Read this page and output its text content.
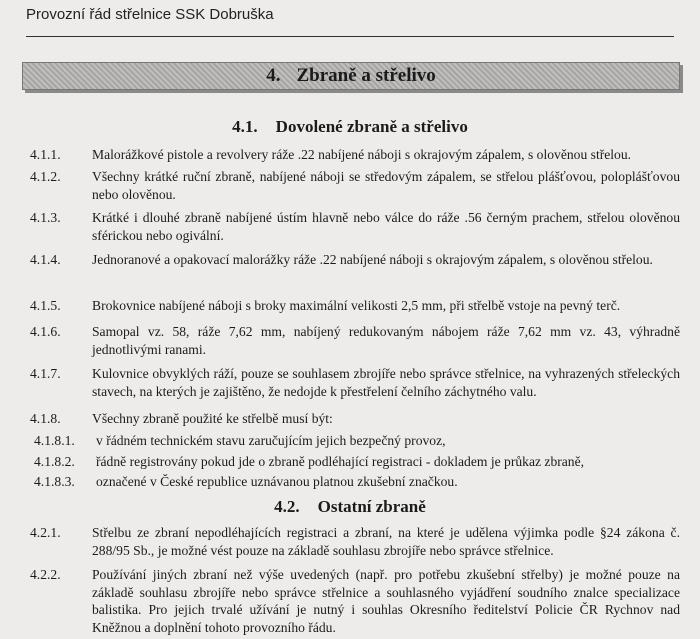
Provozní řád střelnice SSK Dobruška
4. Zbraně a střelivo
4.1. Dovolené zbraně a střelivo
4.1.1. Malorážkové pistole a revolvery ráže .22 nabíjené náboji s okrajovým zápalem, s olověnou střelou.
4.1.2. Všechny krátké ruční zbraně, nabíjené náboji se středovým zápalem, se střelou plášťovou, poloplášťovou nebo olověnou.
4.1.3. Krátké i dlouhé zbraně nabíjené ústím hlavně nebo válce do ráže .56 černým prachem, střelou olověnou sférickou nebo ogivální.
4.1.4. Jednoranové a opakovací malorážky ráže .22 nabíjené náboji s okrajovým zápalem, s olověnou střelou.
4.1.5. Brokovnice nabíjené náboji s broky maximální velikosti 2,5 mm, při střelbě vstoje na pevný terč.
4.1.6. Samopal vz. 58, ráže 7,62 mm, nabíjený redukovaným nábojem ráže 7,62 mm vz. 43, výhradně jednotlivými ranami.
4.1.7. Kulovnice obvyklých ráží, pouze se souhlasem zbrojíře nebo správce střelnice, na vyhrazených střeleckých stavech, na kterých je zajištěno, že nedojde k přestřelení čelního záchytného valu.
4.1.8. Všechny zbraně použité ke střelbě musí být:
4.1.8.1. v řádném technickém stavu zaručujícím jejich bezpečný provoz,
4.1.8.2. řádně registrovány pokud jde o zbraně podléhající registraci - dokladem je průkaz zbraně,
4.1.8.3. označené v České republice uznávanou platnou zkušební značkou.
4.2. Ostatní zbraně
4.2.1. Střelbu ze zbraní nepodléhajících registraci a zbraní, na které je udělena výjimka podle §24 zákona č. 288/95 Sb., je možné vést pouze na základě souhlasu zbrojíře nebo správce střelnice.
4.2.2. Používání jiných zbraní než výše uvedených (např. pro potřebu zkušební střelby) je možné pouze na základě souhlasu zbrojíře nebo správce střelnice a souhlasného vyjádření soudního znalce specializace balistika. Pro jejich trvalé užívání je nutný i souhlas Okresního ředitelství Policie ČR Rychnov nad Kněžnou a doplnění tohoto provozního řádu.
